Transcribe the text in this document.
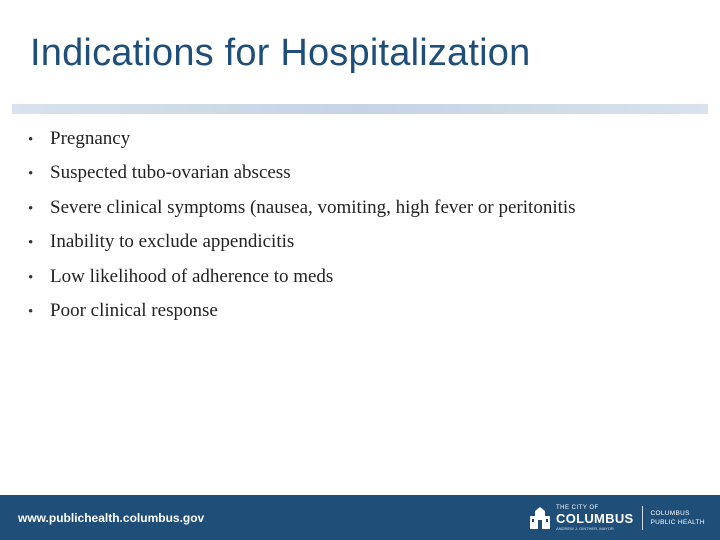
Indications for Hospitalization
• Pregnancy
• Suspected tubo-ovarian abscess
• Severe clinical symptoms (nausea, vomiting, high fever or peritonitis
• Inability to exclude appendicitis
• Low likelihood of adherence to meds
• Poor clinical response
www.publichealth.columbus.gov
THE CITY OF
COLUMBUS
ANDREW J. GINTHER, MAYOR
COLUMBUS
PUBLIC HEALTH
